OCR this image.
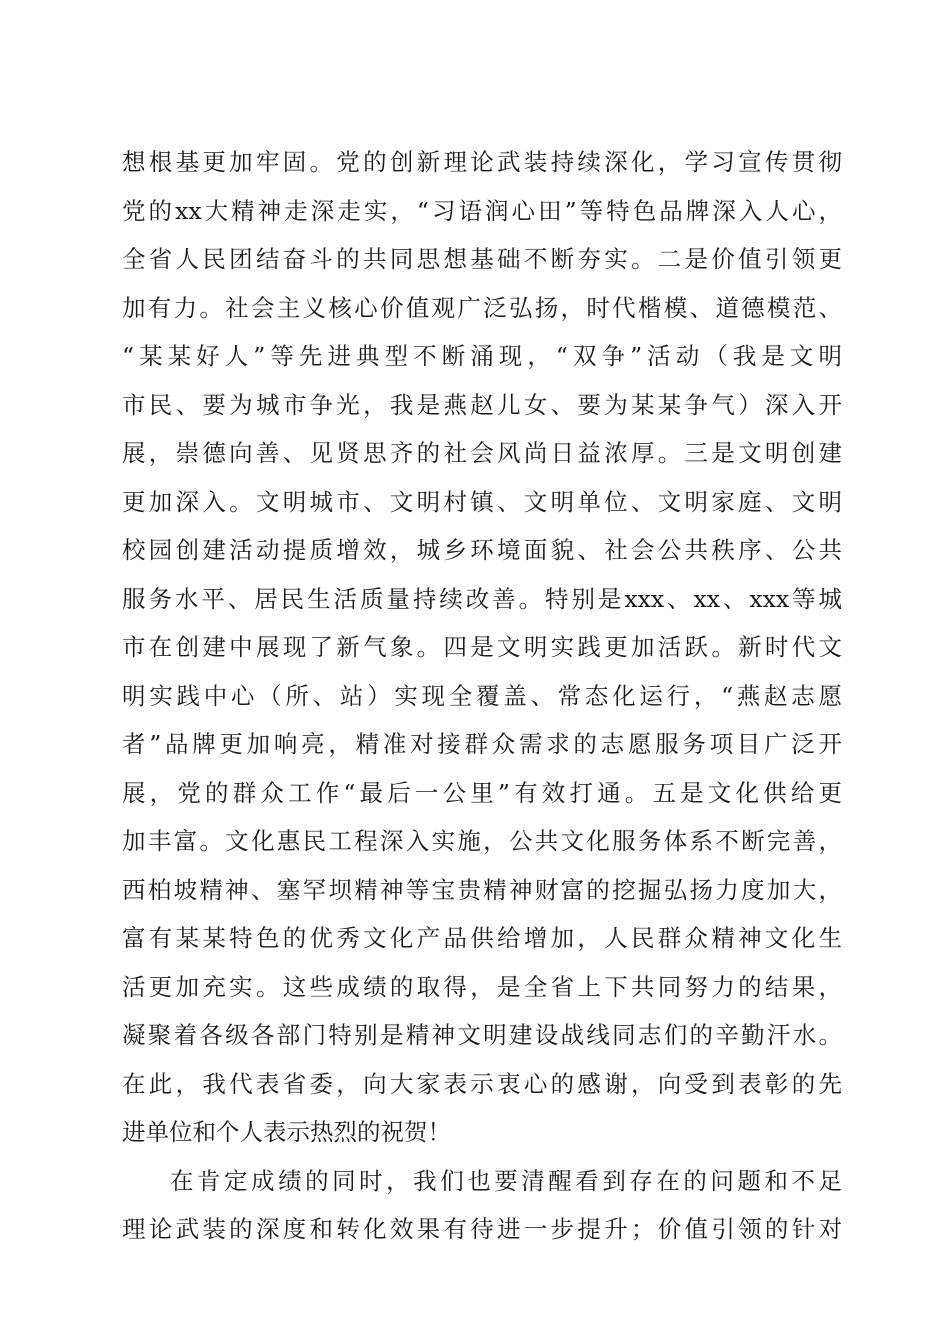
想根基更加牢固。党的创新理论武装持续深化，学习宣传贯彻
党的xx大精神走深走实，“习语润心田”等特色品牌深入人心，
全省人民团结奋斗的共同思想基础不断夯实。二是价值引领更
加有力。社会主义核心价值观广泛弘扬，时代楷模、道德模范、
“某某好人”等先进典型不断涌现，“双争”活动（我是文明
市民、要为城市争光，我是燕赵儿女、要为某某争气）深入开
展，崇德向善、见贤思齐的社会风尚日益浓厚。三是文明创建
更加深入。文明城市、文明村镇、文明单位、文明家庭、文明
校园创建活动提质增效，城乡环境面貌、社会公共秩序、公共
服务水平、居民生活质量持续改善。特别是xxx、xx、xxx等城
市在创建中展现了新气象。四是文明实践更加活跃。新时代文
明实践中心（所、站）实现全覆盖、常态化运行，“燕赵志愿
者”品牌更加响亮，精准对接群众需求的志愿服务项目广泛开
展，党的群众工作“最后一公里”有效打通。五是文化供给更
加丰富。文化惠民工程深入实施，公共文化服务体系不断完善，
西柏坡精神、塞罕坝精神等宝贵精神财富的挖掘弘扬力度加大，
富有某某特色的优秀文化产品供给增加，人民群众精神文化生
活更加充实。这些成绩的取得，是全省上下共同努力的结果，
凝聚着各级各部门特别是精神文明建设战线同志们的辛勤汗水。
在此，我代表省委，向大家表示衷心的感谢，向受到表彰的先
进单位和个人表示热烈的祝贺！
在肯定成绩的同时，我们也要清醒看到存在的问题和不足
理论武装的深度和转化效果有待进一步提升；价值引领的针对
